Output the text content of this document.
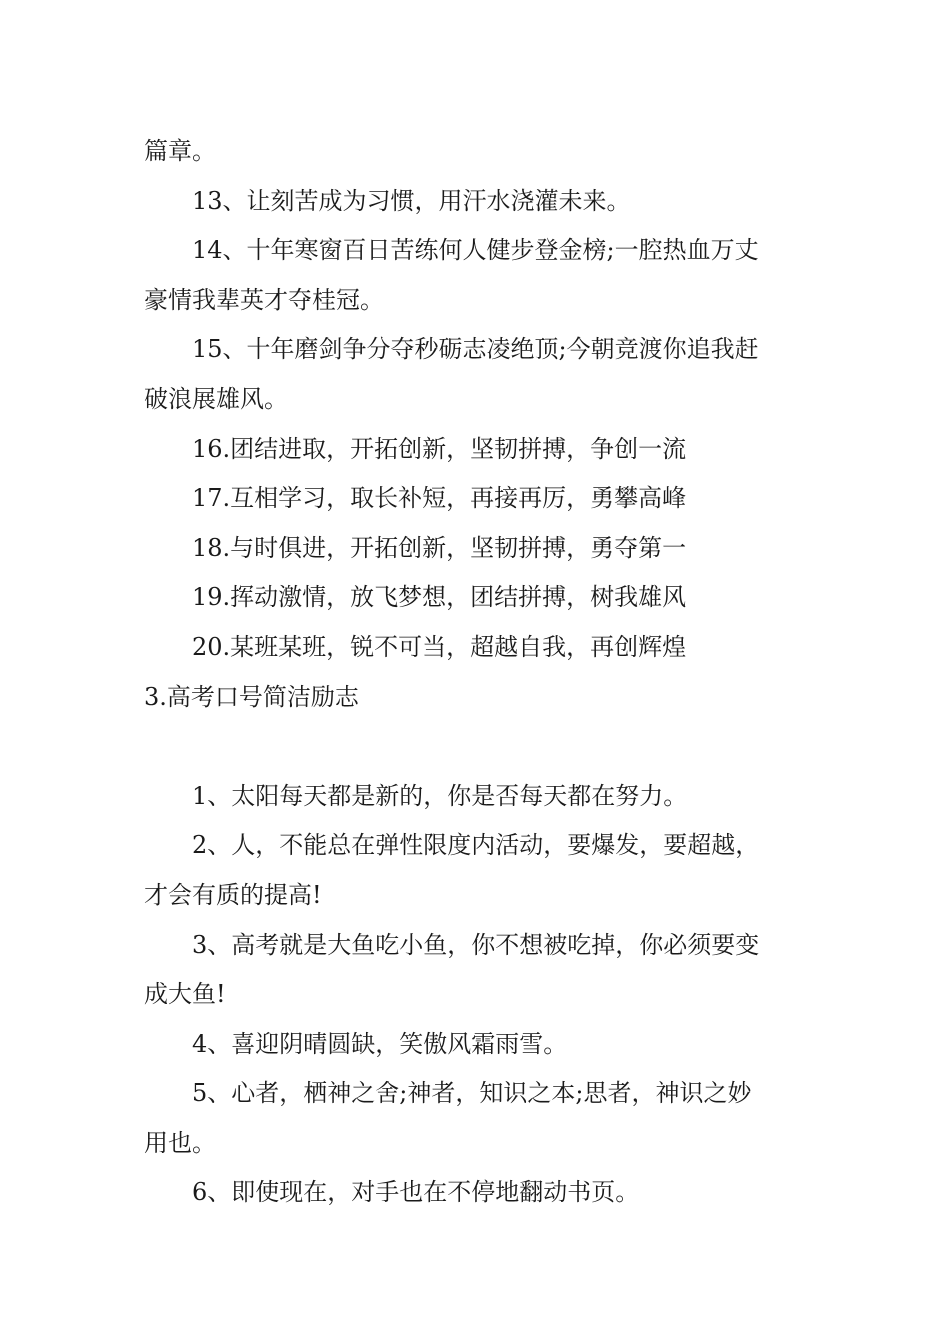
篇章。
13、让刻苦成为习惯，用汗水浇灌未来。
14、十年寒窗百日苦练何人健步登金榜;一腔热血万丈
豪情我辈英才夺桂冠。
15、十年磨剑争分夺秒砺志凌绝顶;今朝竞渡你追我赶
破浪展雄风。
16.团结进取，开拓创新，坚韧拼搏，争创一流
17.互相学习，取长补短，再接再厉，勇攀高峰
18.与时俱进，开拓创新，坚韧拼搏，勇夺第一
19.挥动激情，放飞梦想，团结拼搏，树我雄风
20.某班某班，锐不可当，超越自我，再创辉煌
3.高考口号简洁励志
1、太阳每天都是新的，你是否每天都在努力。
2、人，不能总在弹性限度内活动，要爆发，要超越，
才会有质的提高!
3、高考就是大鱼吃小鱼，你不想被吃掉，你必须要变
成大鱼!
4、喜迎阴晴圆缺，笑傲风霜雨雪。
5、心者，栖神之舍;神者，知识之本;思者，神识之妙
用也。
6、即使现在，对手也在不停地翻动书页。
